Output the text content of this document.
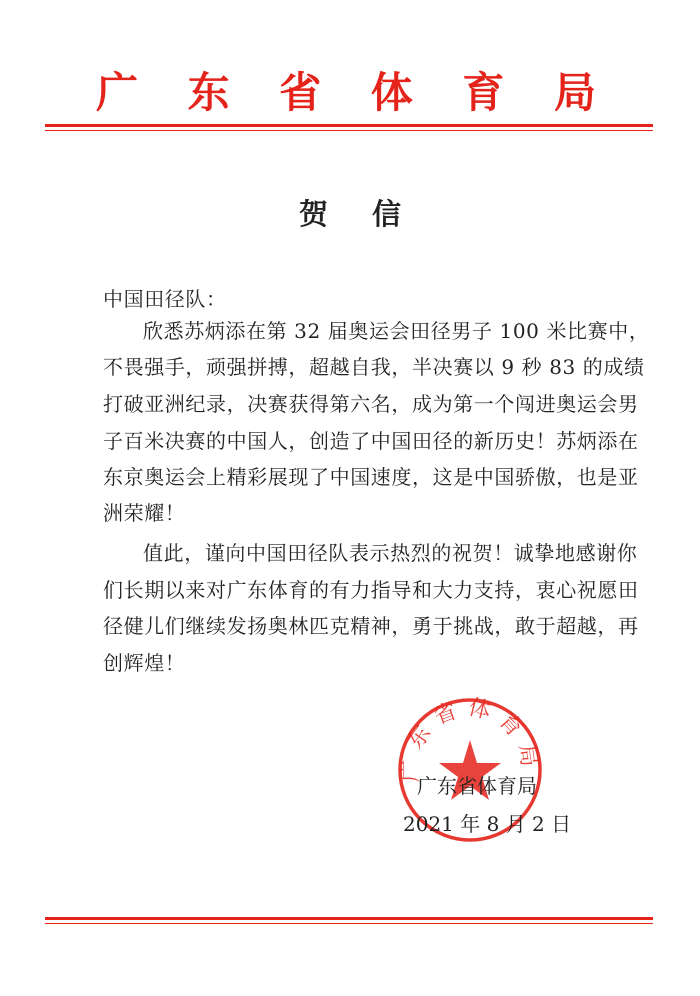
广 东 省 体 育 局
贺信
中国田径队：
欣悉苏炳添在第 32 届奥运会田径男子 100 米比赛中，
不畏强手，顽强拼搏，超越自我，半决赛以 9 秒 83 的成绩
打破亚洲纪录，决赛获得第六名，成为第一个闯进奥运会男
子百米决赛的中国人，创造了中国田径的新历史！苏炳添在
东京奥运会上精彩展现了中国速度，这是中国骄傲，也是亚
洲荣耀！
值此，谨向中国田径队表示热烈的祝贺！诚挚地感谢你
们长期以来对广东体育的有力指导和大力支持，衷心祝愿田
径健儿们继续发扬奥林匹克精神，勇于挑战，敢于超越，再
创辉煌！
广东省体育局
广东省体育局
2021 年 8 月 2 日
